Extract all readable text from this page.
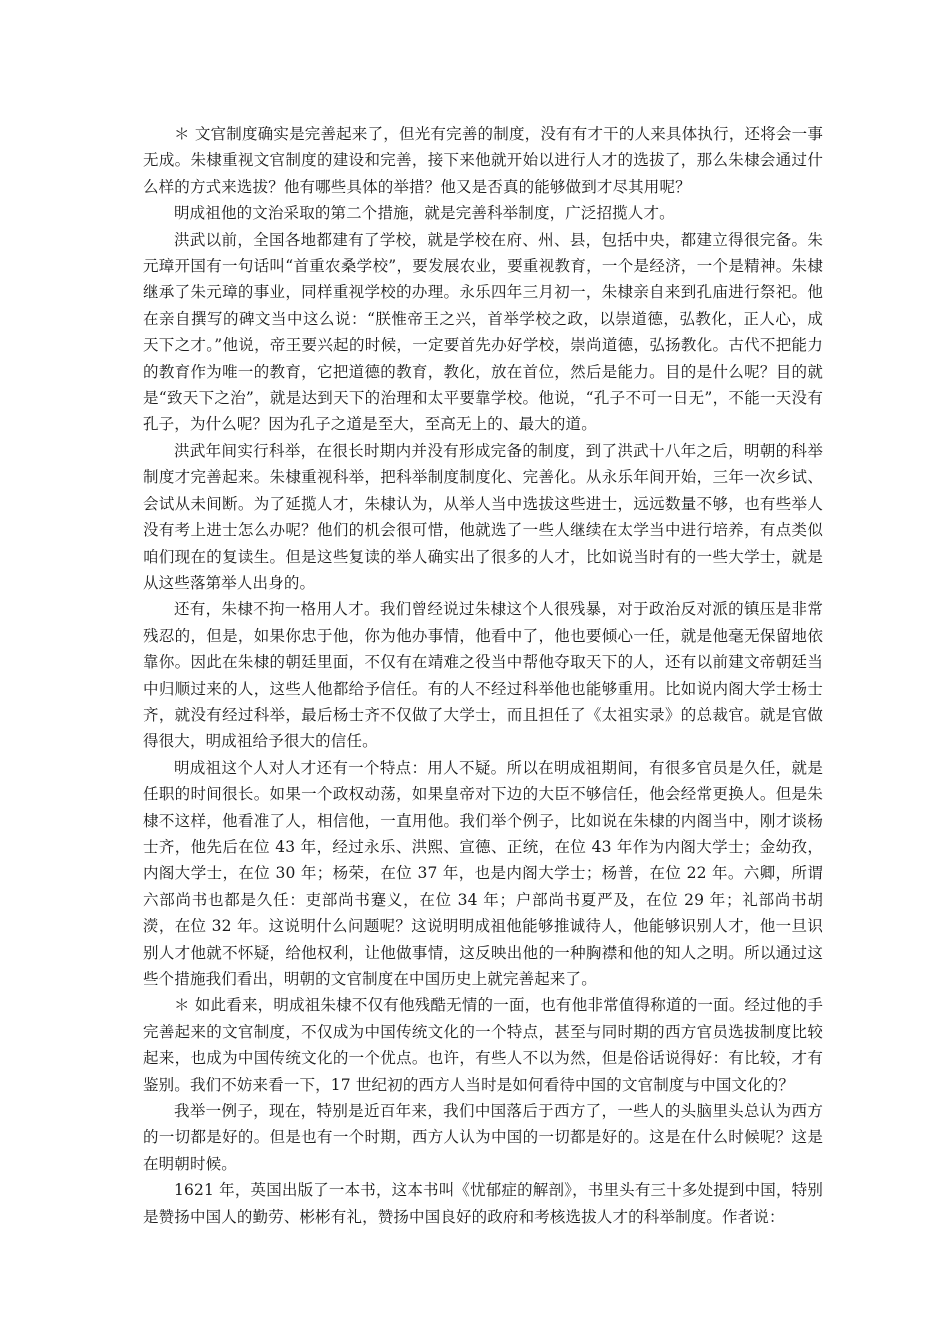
＊ 文官制度确实是完善起来了，但光有完善的制度，没有有才干的人来具体执行，还将会一事无成。朱棣重视文官制度的建设和完善，接下来他就开始以进行人才的选拔了，那么朱棣会通过什么样的方式来选拔？他有哪些具体的举措？他又是否真的能够做到才尽其用呢？

明成祖他的文治采取的第二个措施，就是完善科举制度，广泛招揽人才。

洪武以前，全国各地都建有了学校，就是学校在府、州、县，包括中央，都建立得很完备。朱元璋开国有一句话叫“首重农桑学校”，要发展农业，要重视教育，一个是经济，一个是精神。朱棣继承了朱元璋的事业，同样重视学校的办理。永乐四年三月初一，朱棣亲自来到孔庙进行祭祀。他在亲自撰写的碑文当中这么说：“朕惟帝王之兴，首举学校之政，以崇道德，弘教化，正人心，成天下之才。”他说，帝王要兴起的时候，一定要首先办好学校，崇尚道德，弘扬教化。古代不把能力的教育作为唯一的教育，它把道德的教育，教化，放在首位，然后是能力。目的是什么呢？目的就是“致天下之治”，就是达到天下的治理和太平要靠学校。他说，“孔子不可一日无”，不能一天没有孔子，为什么呢？因为孔子之道是至大，至高无上的、最大的道。

洪武年间实行科举，在很长时期内并没有形成完备的制度，到了洪武十八年之后，明朝的科举制度才完善起来。朱棣重视科举，把科举制度制度化、完善化。从永乐年间开始，三年一次乡试、会试从未间断。为了延揽人才，朱棣认为，从举人当中选拔这些进士，远远数量不够，也有些举人没有考上进士怎么办呢？他们的机会很可惜，他就选了一些人继续在太学当中进行培养，有点类似咱们现在的复读生。但是这些复读的举人确实出了很多的人才，比如说当时有的一些大学士，就是从这些落第举人出身的。

还有，朱棣不拘一格用人才。我们曾经说过朱棣这个人很残暴，对于政治反对派的镇压是非常残忍的，但是，如果你忠于他，你为他办事情，他看中了，他也要倾心一任，就是他毫无保留地依靠你。因此在朱棣的朝廷里面，不仅有在靖难之役当中帮他夺取天下的人，还有以前建文帝朝廷当中归顺过来的人，这些人他都给予信任。有的人不经过科举他也能够重用。比如说内阁大学士杨士齐，就没有经过科举，最后杨士齐不仅做了大学士，而且担任了《太祖实录》的总裁官。就是官做得很大，明成祖给予很大的信任。

明成祖这个人对人才还有一个特点：用人不疑。所以在明成祖期间，有很多官员是久任，就是任职的时间很长。如果一个政权动荡，如果皇帝对下边的大臣不够信任，他会经常更换人。但是朱棣不这样，他看准了人，相信他，一直用他。我们举个例子，比如说在朱棣的内阁当中，刚才谈杨士齐，他先后在位 43 年，经过永乐、洪熙、宣德、正统，在位 43 年作为内阁大学士；金幼孜，内阁大学士，在位 30 年；杨荣，在位 37 年，也是内阁大学士；杨普，在位 22 年。六卿，所谓六部尚书也都是久任：吏部尚书蹇义，在位 34 年；户部尚书夏严及，在位 29 年；礼部尚书胡濙，在位 32 年。这说明什么问题呢？这说明明成祖他能够推诚待人，他能够识别人才，他一旦识别人才他就不怀疑，给他权利，让他做事情，这反映出他的一种胸襟和他的知人之明。所以通过这些个措施我们看出，明朝的文官制度在中国历史上就完善起来了。

＊ 如此看来，明成祖朱棣不仅有他残酷无情的一面，也有他非常值得称道的一面。经过他的手完善起来的文官制度，不仅成为中国传统文化的一个特点，甚至与同时期的西方官员选拔制度比较起来，也成为中国传统文化的一个优点。也许，有些人不以为然，但是俗话说得好：有比较，才有鉴别。我们不妨来看一下，17 世纪初的西方人当时是如何看待中国的文官制度与中国文化的？

我举一例子，现在，特别是近百年来，我们中国落后于西方了，一些人的头脑里头总认为西方的一切都是好的。但是也有一个时期，西方人认为中国的一切都是好的。这是在什么时候呢？这是在明朝时候。

1621 年，英国出版了一本书，这本书叫《忧郁症的解剖》，书里头有三十多处提到中国，特别是赞扬中国人的勤劳、彬彬有礼，赞扬中国良好的政府和考核选拔人才的科举制度。作者说：
